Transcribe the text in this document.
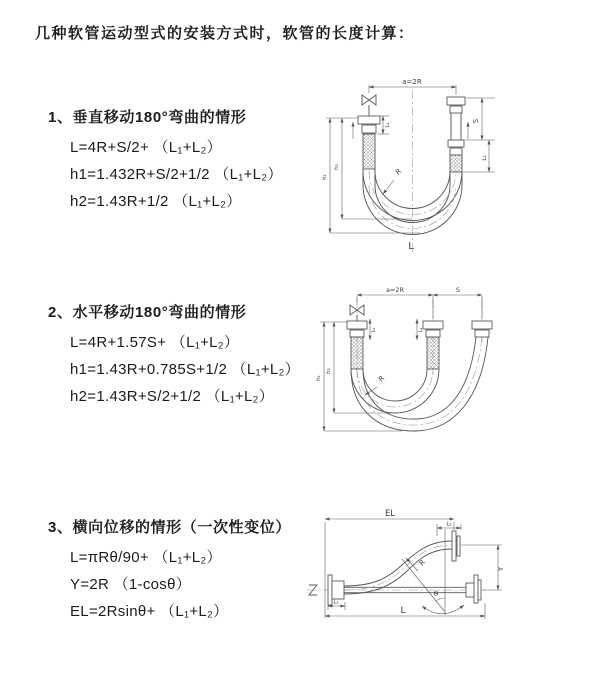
几种软管运动型式的安装方式时，软管的长度计算：
1、垂直移动180°弯曲的情形

L=4R+S/2+ （L₁+L₂）

h1=1.432R+S/2+1/2 （L₁+L₂）

h2=1.43R+1/2 （L₁+L₂）

2、水平移动180°弯曲的情形

L=4R+1.57S+ （L₁+L₂）

h1=1.43R+0.785S+1/2 （L₁+L₂）

h2=1.43R+S/2+1/2 （L₁+L₂）

3、横向位移的情形（一次性变位）

L=πRθ/90+ （L₁+L₂）

Y=2R （1-cosθ）

EL=2Rsinθ+ （L₁+L₂）

a=2R
S
L₂
L₁
h₂
h₁
R
L
a=2R	S
L₁	L₂
h₂
h₁	R
EL
L₂
Y
θ
R
L₁
L
